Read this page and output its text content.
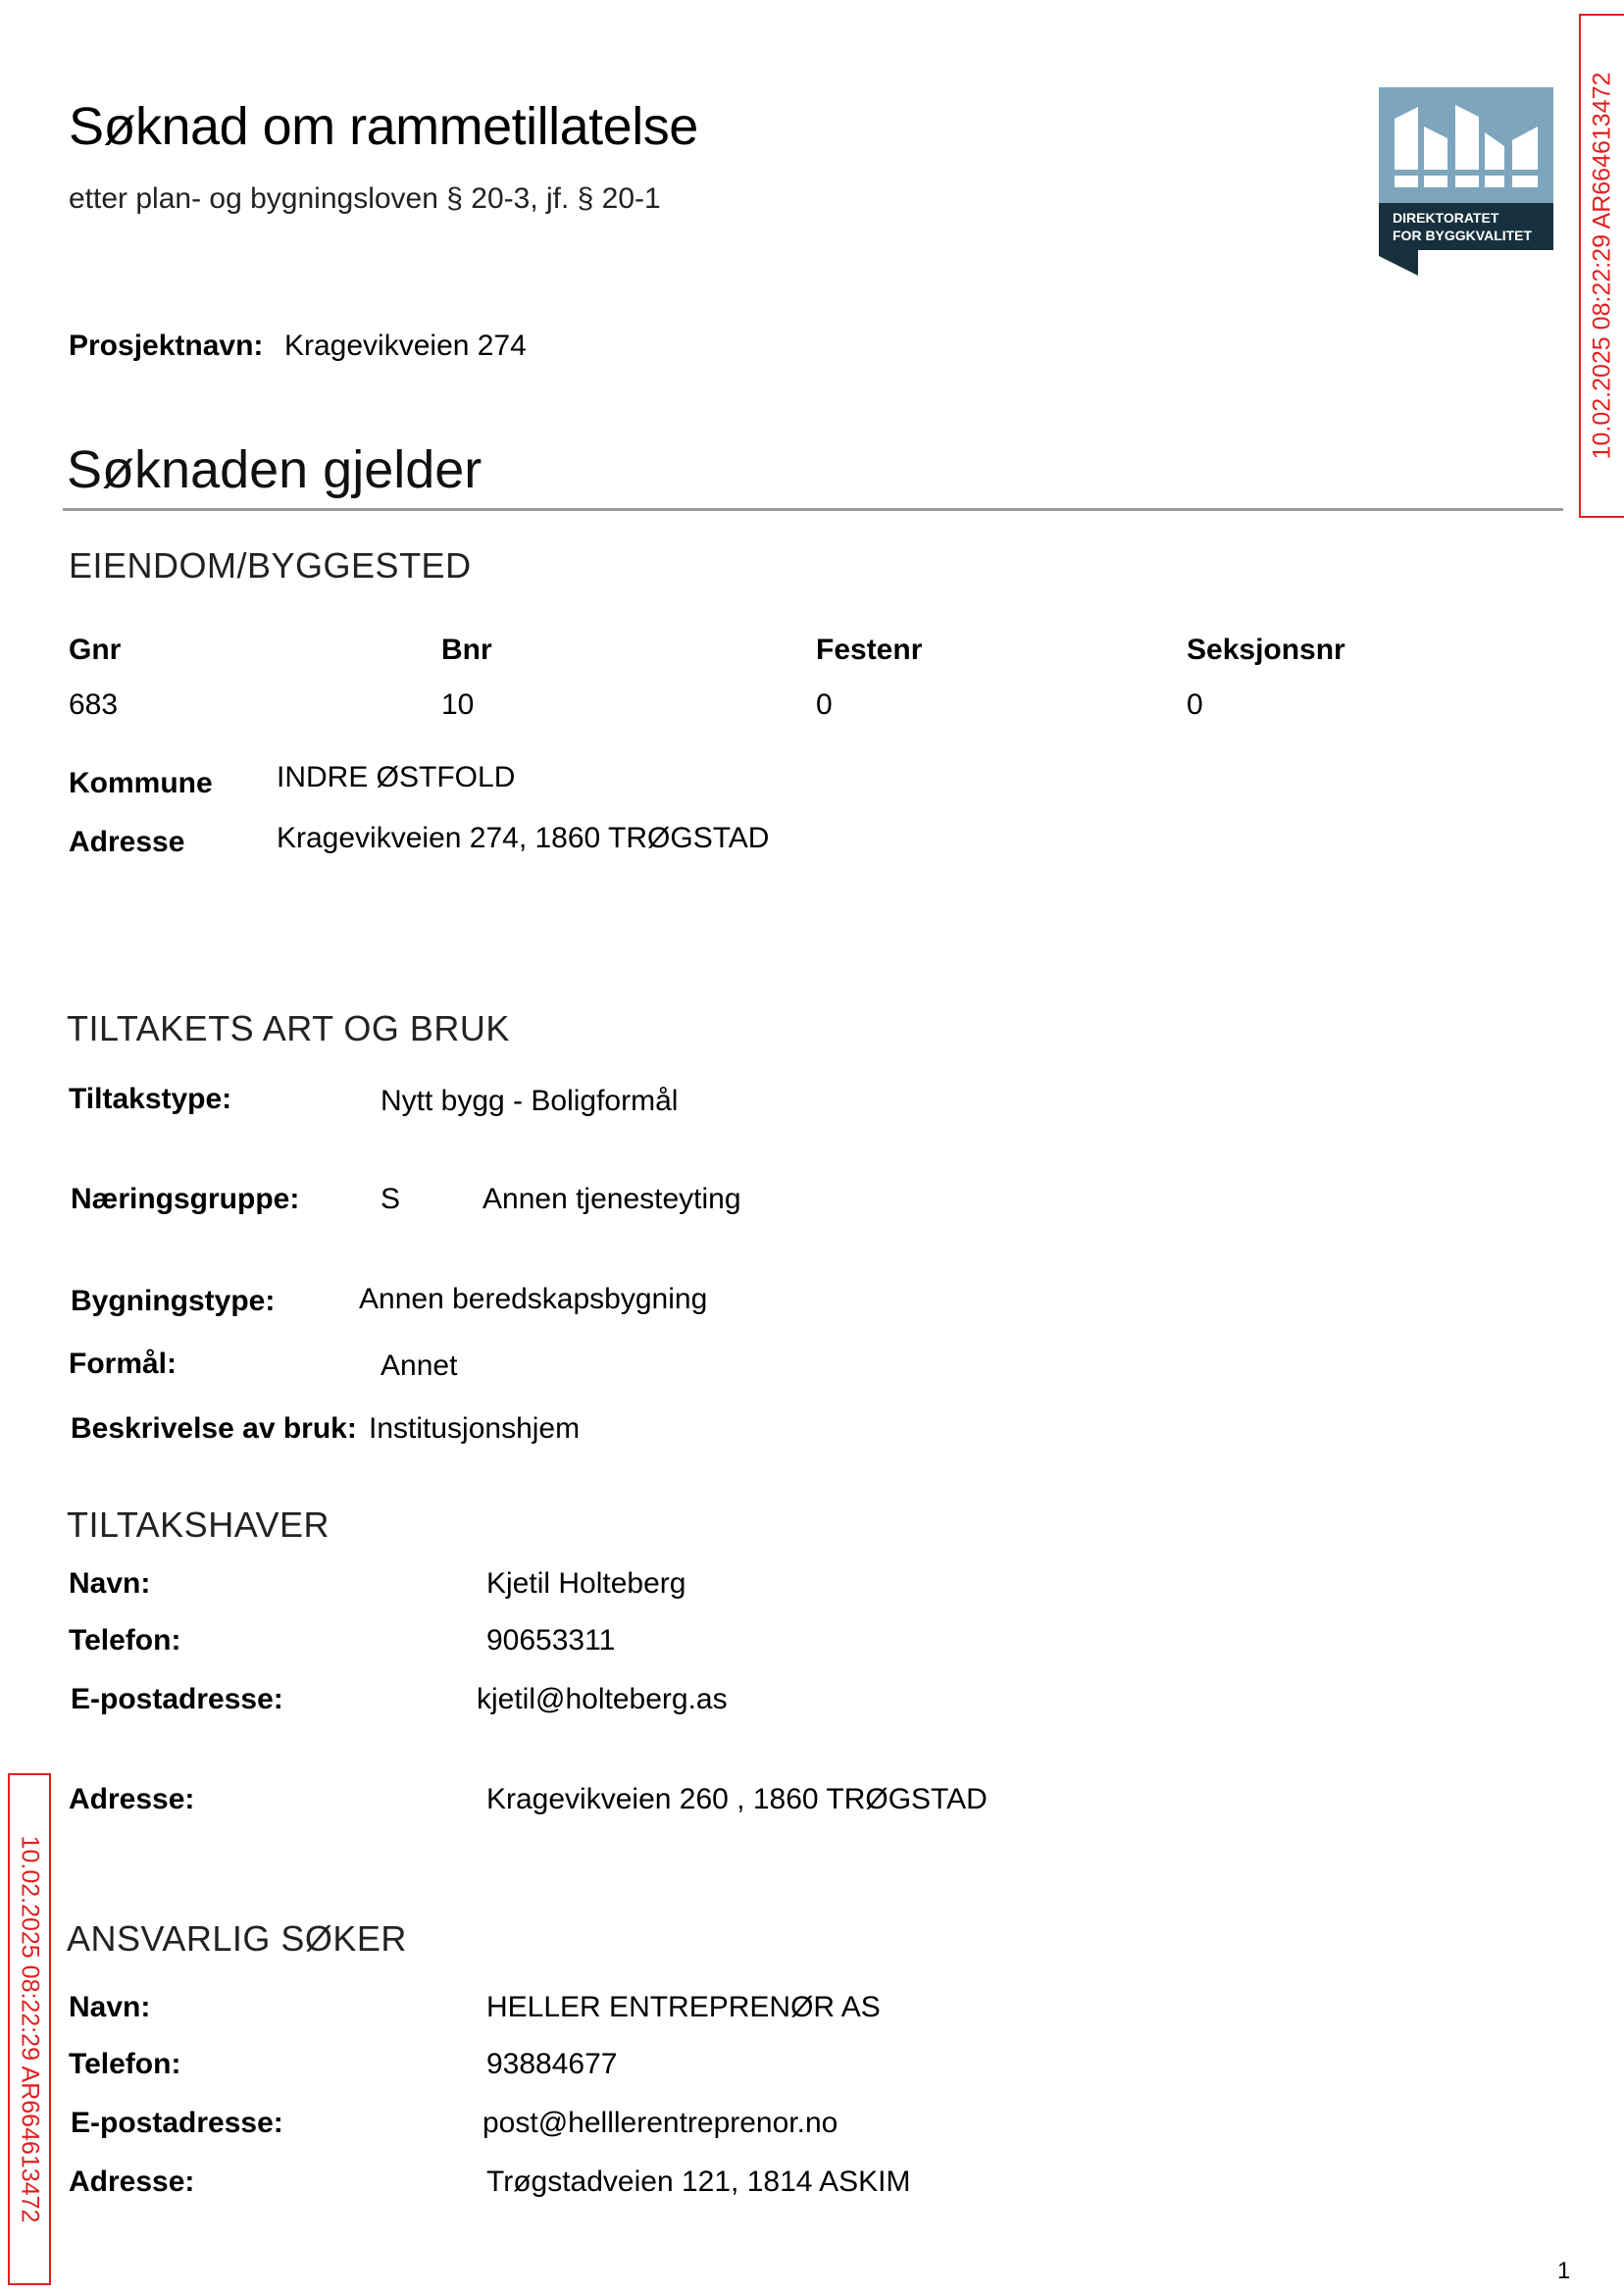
Søknad om rammetillatelse
etter plan- og bygningsloven § 20-3, jf. § 20-1
DIREKTORATET
FOR BYGGKVALITET 10.02.2025 08:22:29 AR664613472
10.02.2025 08:22:29 AR664613472
Prosjektnavn: Kragevikveien 274
Søknaden gjelder
EIENDOM/BYGGESTED
Gnr	Bnr	Festenr	Seksjonsnr
683	10	0	0
Kommune INDRE ØSTFOLD
Adresse	Kragevikveien 274, 1860 TRØGSTAD
TILTAKETS ART OG BRUK
Tiltakstype:	Nytt bygg - Boligformål
Næringsgruppe:	S	Annen tjenesteyting
Bygningstype:	Annen beredskapsbygning
Formål:	Annet
Beskrivelse av bruk: Institusjonshjem
TILTAKSHAVER
Navn:	Kjetil Holteberg
Telefon:	90653311
E-postadresse:	kjetil@holteberg.as
Adresse:	Kragevikveien 260 , 1860 TRØGSTAD
ANSVARLIG SØKER
Navn:	HELLER ENTREPRENØR AS
Telefon:	93884677
E-postadresse:	post@helllerentreprenor.no
Adresse:	Trøgstadveien 121, 1814 ASKIM
1
